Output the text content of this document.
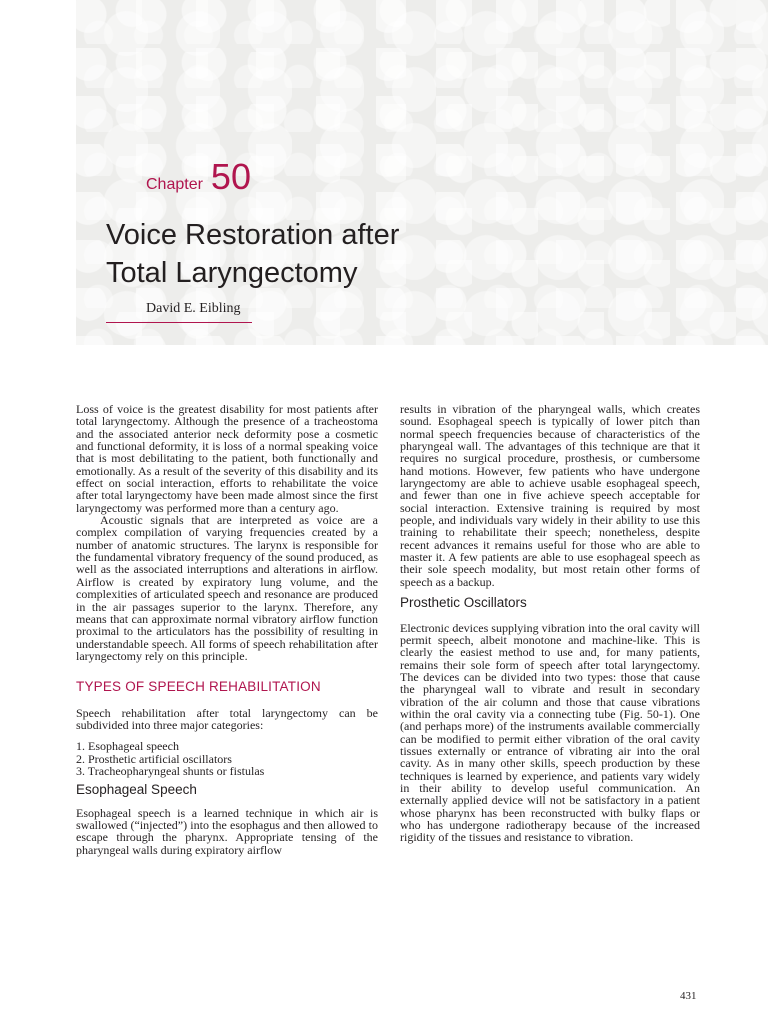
Chapter 50
Voice Restoration after
Total Laryngectomy
David E. Eibling

Loss of voice is the greatest disability for most patients after total laryngectomy. Although the presence of a tracheostoma and the associated anterior neck deformity pose a cosmetic and functional deformity, it is loss of a normal speaking voice that is most debilitating to the patient, both functionally and emotionally. As a result of the severity of this disability and its effect on social interaction, efforts to rehabilitate the voice after total laryngectomy have been made almost since the first laryngectomy was performed more than a century ago.

Acoustic signals that are interpreted as voice are a complex compilation of varying frequencies created by a number of anatomic structures. The larynx is responsible for the fundamental vibratory frequency of the sound produced, as well as the associated interruptions and alterations in airflow. Airflow is created by expiratory lung volume, and the complexities of articulated speech and resonance are produced in the air passages superior to the larynx. Therefore, any means that can approximate normal vibratory airflow function proximal to the articulators has the possibility of resulting in understandable speech. All forms of speech rehabilitation after laryngectomy rely on this principle.

TYPES OF SPEECH REHABILITATION

Speech rehabilitation after total laryngectomy can be subdivided into three major categories:

1. Esophageal speech
2. Prosthetic artificial oscillators
3. Tracheopharyngeal shunts or fistulas
Esophageal Speech

Esophageal speech is a learned technique in which air is swallowed (“injected”) into the esophagus and then allowed to escape through the pharynx. Appropriate tensing of the pharyngeal walls during expiratory airflow

results in vibration of the pharyngeal walls, which creates sound. Esophageal speech is typically of lower pitch than normal speech frequencies because of characteristics of the pharyngeal wall. The advantages of this technique are that it requires no surgical procedure, prosthesis, or cumbersome hand motions. However, few patients who have undergone laryngectomy are able to achieve usable esophageal speech, and fewer than one in five achieve speech acceptable for social interaction. Extensive training is required by most people, and individuals vary widely in their ability to use this training to rehabilitate their speech; nonetheless, despite recent advances it remains useful for those who are able to master it. A few patients are able to use esophageal speech as their sole speech modality, but most retain other forms of speech as a backup.

Prosthetic Oscillators

Electronic devices supplying vibration into the oral cavity will permit speech, albeit monotone and machine-like. This is clearly the easiest method to use and, for many patients, remains their sole form of speech after total laryngectomy. The devices can be divided into two types: those that cause the pharyngeal wall to vibrate and result in secondary vibration of the air column and those that cause vibrations within the oral cavity via a connecting tube (Fig. 50-1). One (and perhaps more) of the instruments available commercially can be modified to permit either vibration of the oral cavity tissues externally or entrance of vibrating air into the oral cavity. As in many other skills, speech production by these techniques is learned by experience, and patients vary widely in their ability to develop useful communication. An externally applied device will not be satisfactory in a patient whose pharynx has been reconstructed with bulky flaps or who has undergone radiotherapy because of the increased rigidity of the tissues and resistance to vibration.

431
